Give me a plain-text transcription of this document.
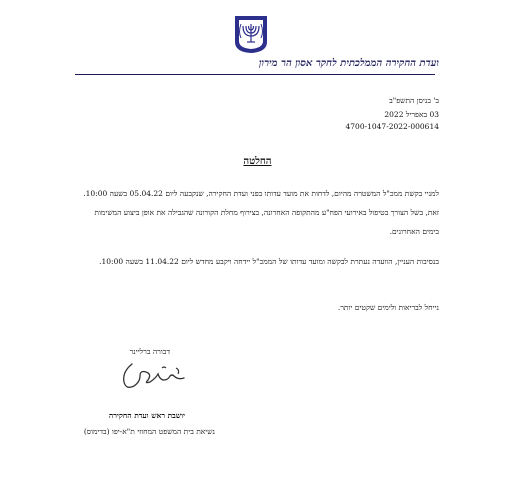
ועדת החקירה הממלכתית לחקר אסון הר מירון
ב' בניסן התשפ"ב
03 באפריל 2022
4700-1047-2022-000614
החלטה
למניי בקשת ממכ"ל המשטרה מהיום, לדחות את מועד עדותו בפני ועדת החקירה, שנקבעה ליום 05.04.22 בשעה 10:00. זאת, בשל הצורך בטיפול באירועי הפח"ע מהתקופה האחרונה, בצירוף מחלת הקורונה שהגבילה את אופן ביצוע המשימות בימים האחרונים.
בנסיבות העניין, הוועדה נעתרת לבקשה ומועד עדותו של הממכ"ל יידחה ויקבע מחדש ליום 11.04.22 בשעה 10:00.
נייחל לבריאות ולימים שקטים יותר.
דבורה ברליינר
יושבת ראש ועדת החקירה
נשיאת בית המשפט המחוזי ת"א-יפו (בדימוס)
